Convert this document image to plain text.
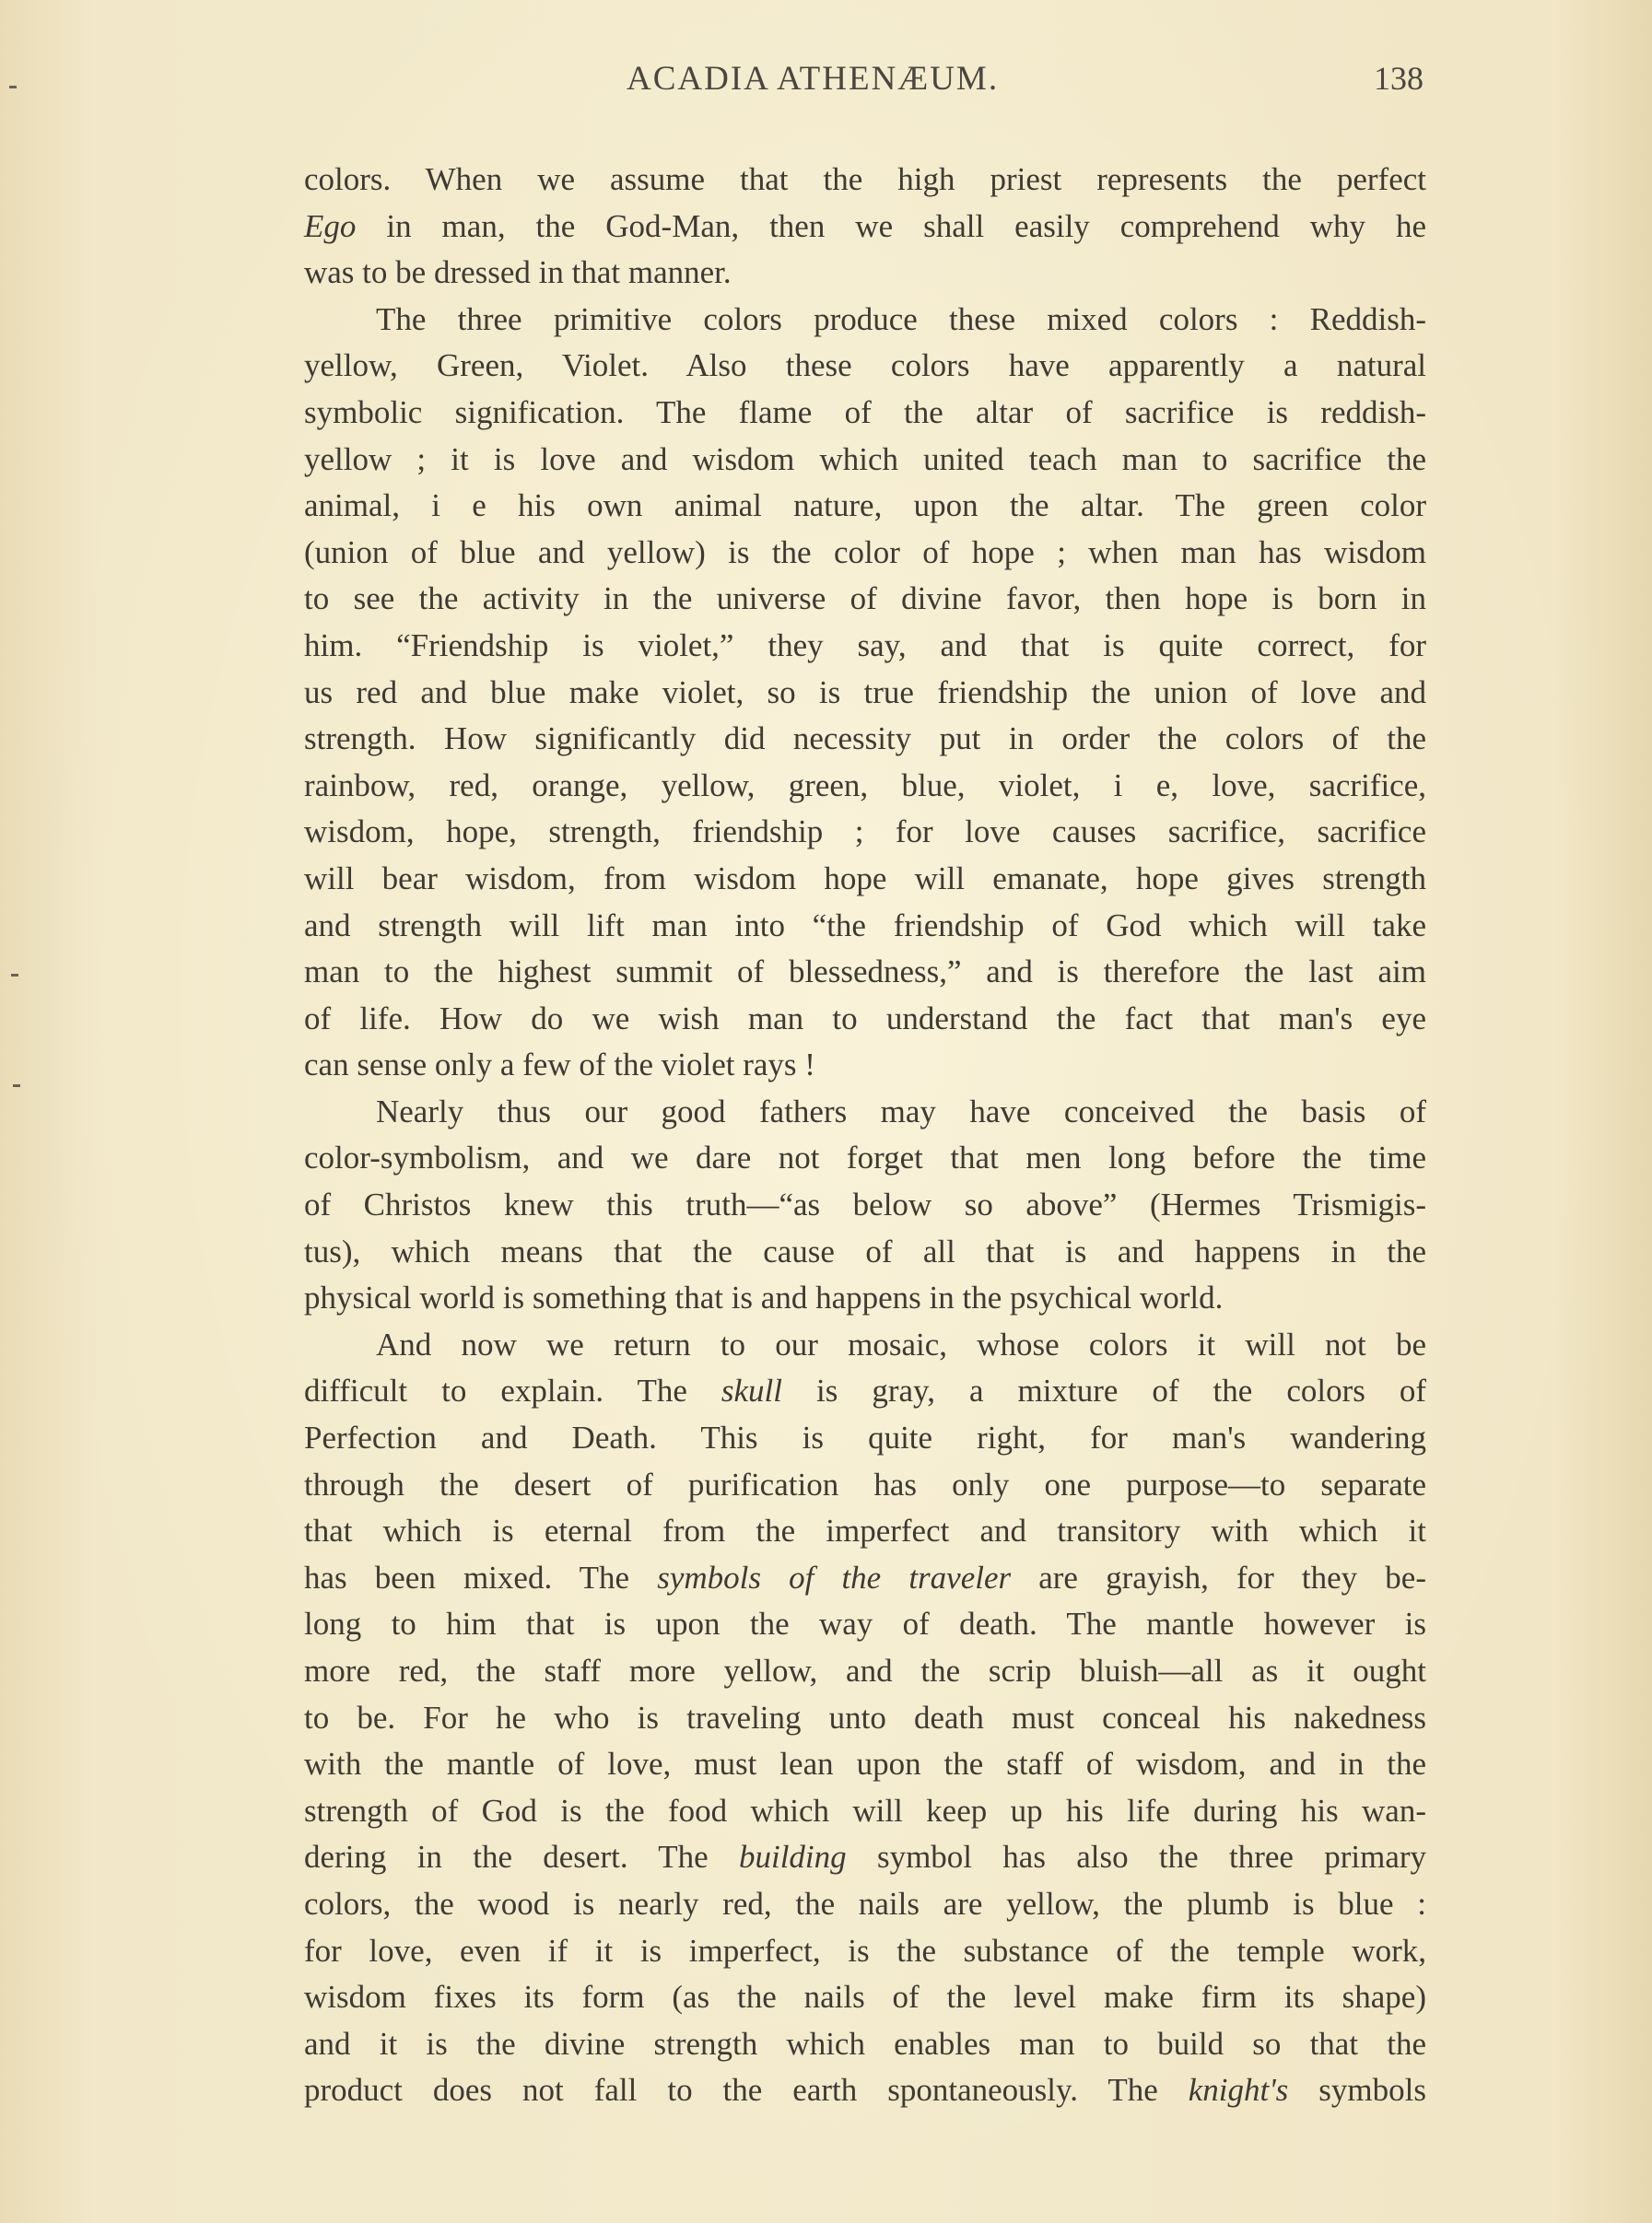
ACADIA ATHENÆUM.	138
colors. When we assume that the high priest represents the perfect
Ego in man, the God-Man, then we shall easily comprehend why he
was to be dressed in that manner.
The three primitive colors produce these mixed colors : Reddish-
yellow, Green, Violet. Also these colors have apparently a natural
symbolic signification. The flame of the altar of sacrifice is reddish-
yellow ; it is love and wisdom which united teach man to sacrifice the
animal, i e his own animal nature, upon the altar. The green color
(union of blue and yellow) is the color of hope ; when man has wisdom
to see the activity in the universe of divine favor, then hope is born in
him. “Friendship is violet,” they say, and that is quite correct, for
us red and blue make violet, so is true friendship the union of love and
strength. How significantly did necessity put in order the colors of the
rainbow, red, orange, yellow, green, blue, violet, i e, love, sacrifice,
wisdom, hope, strength, friendship ; for love causes sacrifice, sacrifice
will bear wisdom, from wisdom hope will emanate, hope gives strength
and strength will lift man into “the friendship of God which will take
man to the highest summit of blessedness,” and is therefore the last aim
of life. How do we wish man to understand the fact that man's eye
can sense only a few of the violet rays !
Nearly thus our good fathers may have conceived the basis of
color-symbolism, and we dare not forget that men long before the time
of Christos knew this truth—“as below so above” (Hermes Trismigis-
tus), which means that the cause of all that is and happens in the
physical world is something that is and happens in the psychical world.
And now we return to our mosaic, whose colors it will not be
difficult to explain. The skull is gray, a mixture of the colors of
Perfection and Death. This is quite right, for man's wandering
through the desert of purification has only one purpose—to separate
that which is eternal from the imperfect and transitory with which it
has been mixed. The symbols of the traveler are grayish, for they be-
long to him that is upon the way of death. The mantle however is
more red, the staff more yellow, and the scrip bluish—all as it ought
to be. For he who is traveling unto death must conceal his nakedness
with the mantle of love, must lean upon the staff of wisdom, and in the
strength of God is the food which will keep up his life during his wan-
dering in the desert. The building symbol has also the three primary
colors, the wood is nearly red, the nails are yellow, the plumb is blue :
for love, even if it is imperfect, is the substance of the temple work,
wisdom fixes its form (as the nails of the level make firm its shape)
and it is the divine strength which enables man to build so that the
product does not fall to the earth spontaneously. The knight's symbols
